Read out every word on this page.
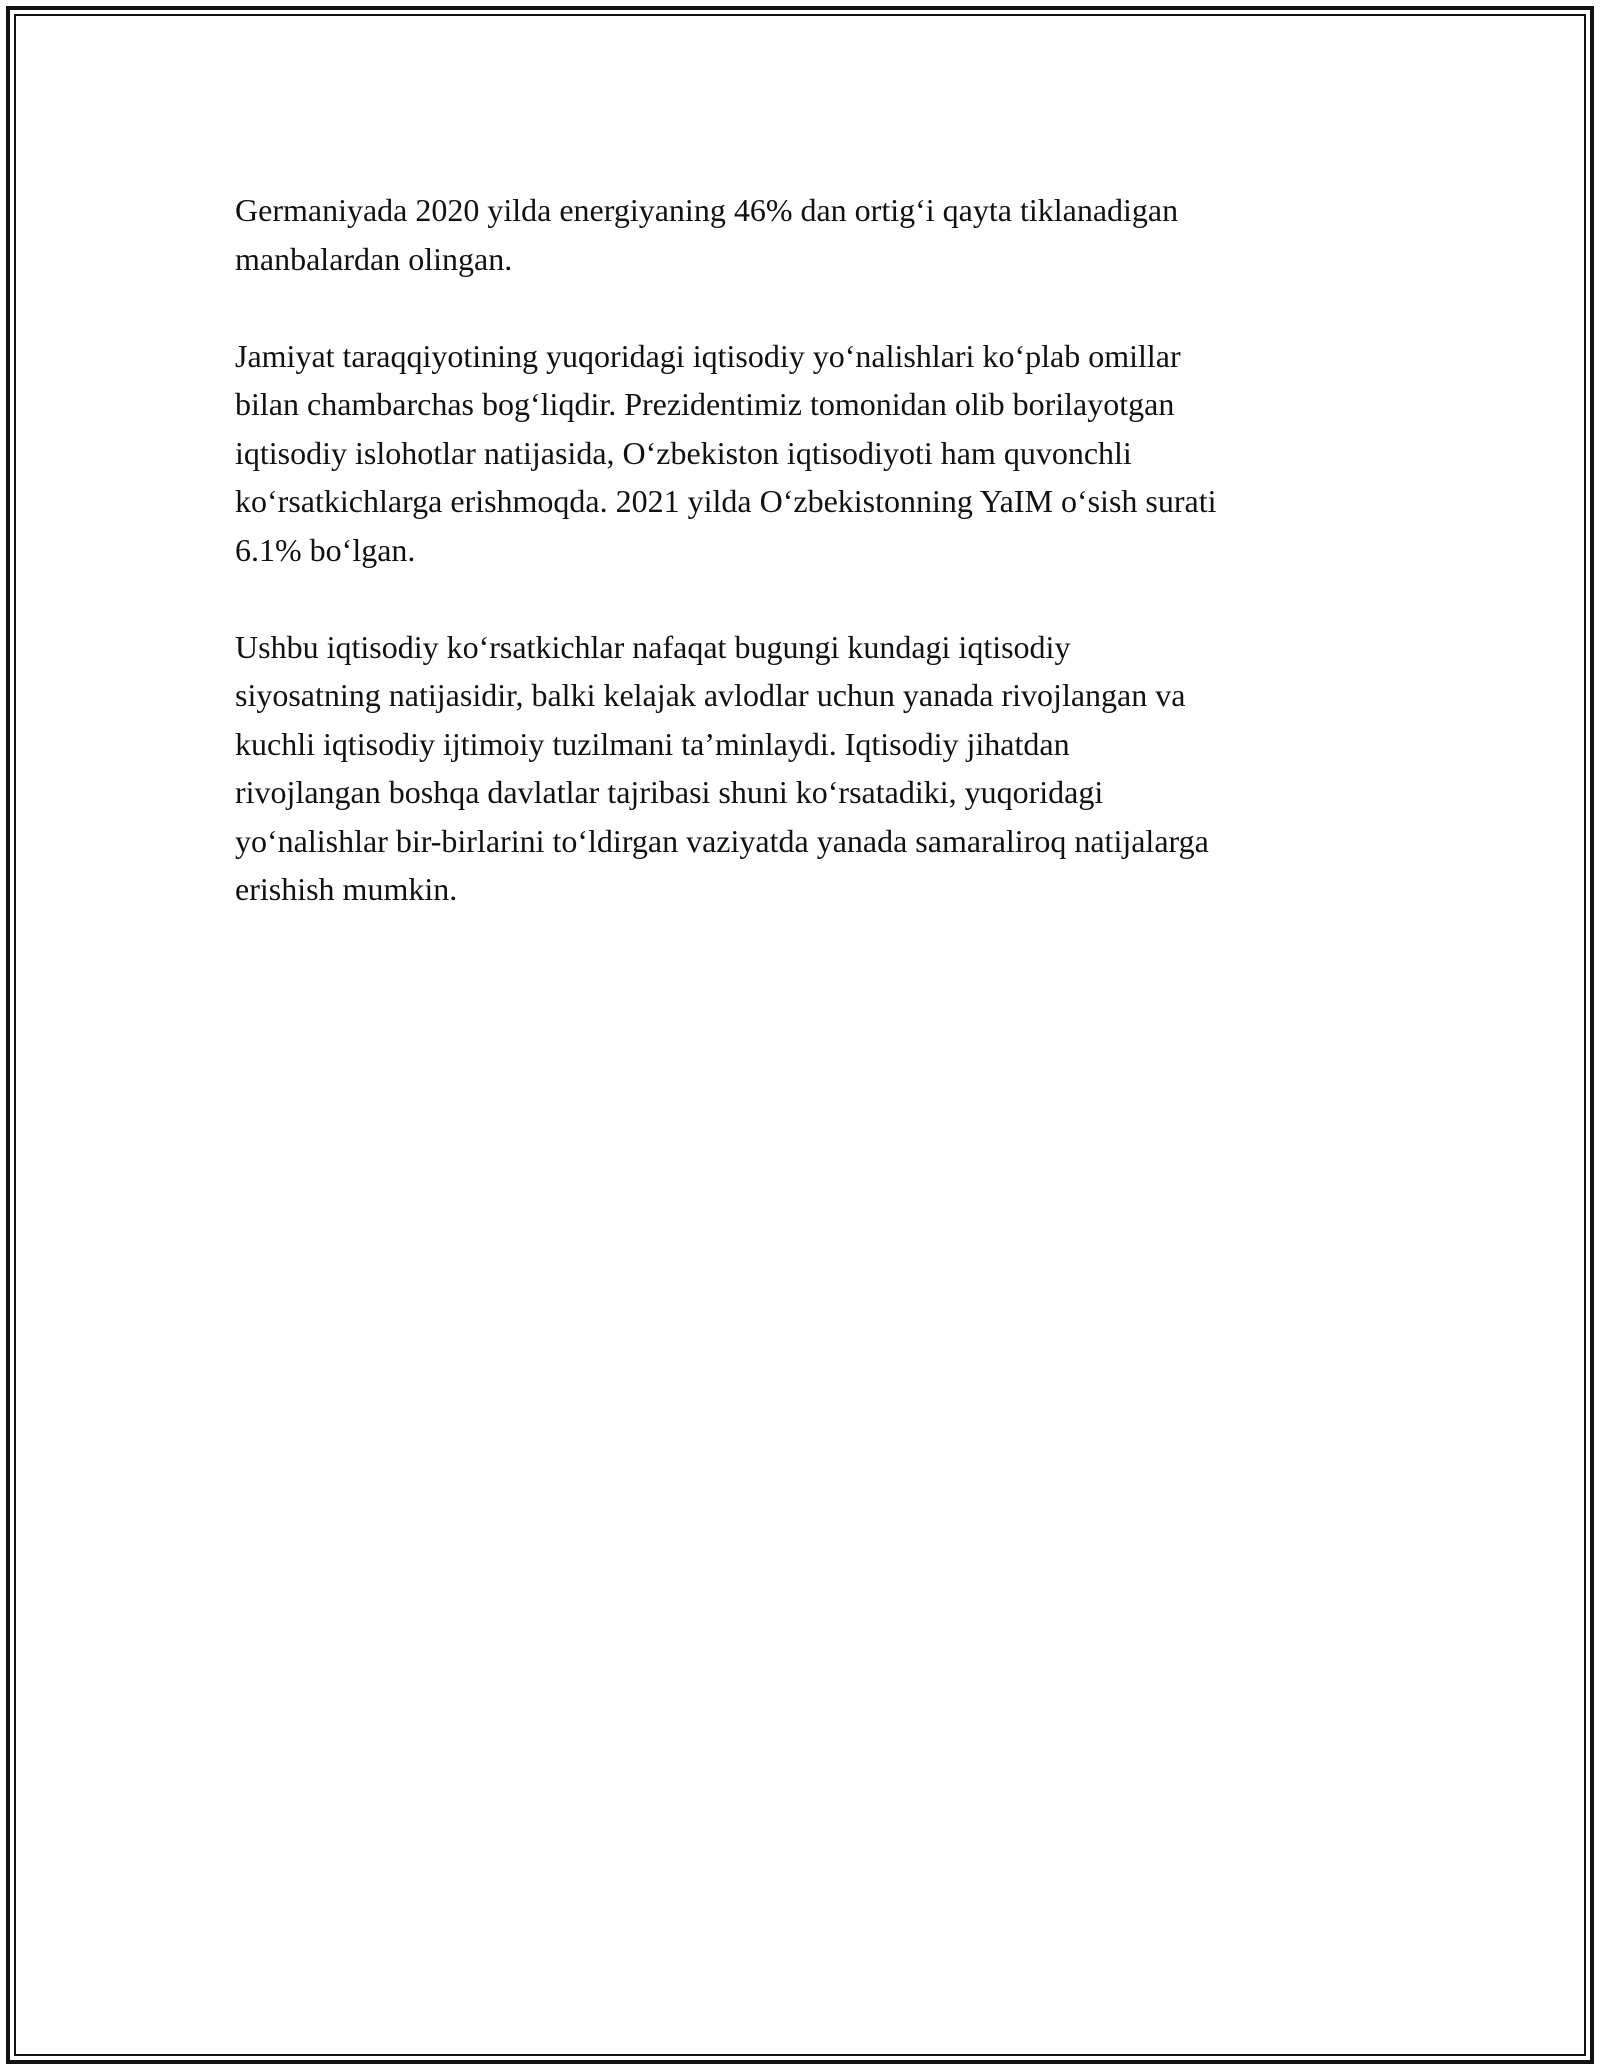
Germaniyada 2020 yilda energiyaning 46% dan ortig‘i qayta tiklanadigan
manbalardan olingan.

Jamiyat taraqqiyotining yuqoridagi iqtisodiy yo‘nalishlari ko‘plab omillar
bilan chambarchas bog‘liqdir. Prezidentimiz tomonidan olib borilayotgan
iqtisodiy islohotlar natijasida, O‘zbekiston iqtisodiyoti ham quvonchli
ko‘rsatkichlarga erishmoqda. 2021 yilda O‘zbekistonning YaIM o‘sish surati
6.1% bo‘lgan.

Ushbu iqtisodiy ko‘rsatkichlar nafaqat bugungi kundagi iqtisodiy
siyosatning natijasidir, balki kelajak avlodlar uchun yanada rivojlangan va
kuchli iqtisodiy ijtimoiy tuzilmani ta’minlaydi. Iqtisodiy jihatdan
rivojlangan boshqa davlatlar tajribasi shuni ko‘rsatadiki, yuqoridagi
yo‘nalishlar bir-birlarini to‘ldirgan vaziyatda yanada samaraliroq natijalarga
erishish mumkin.
